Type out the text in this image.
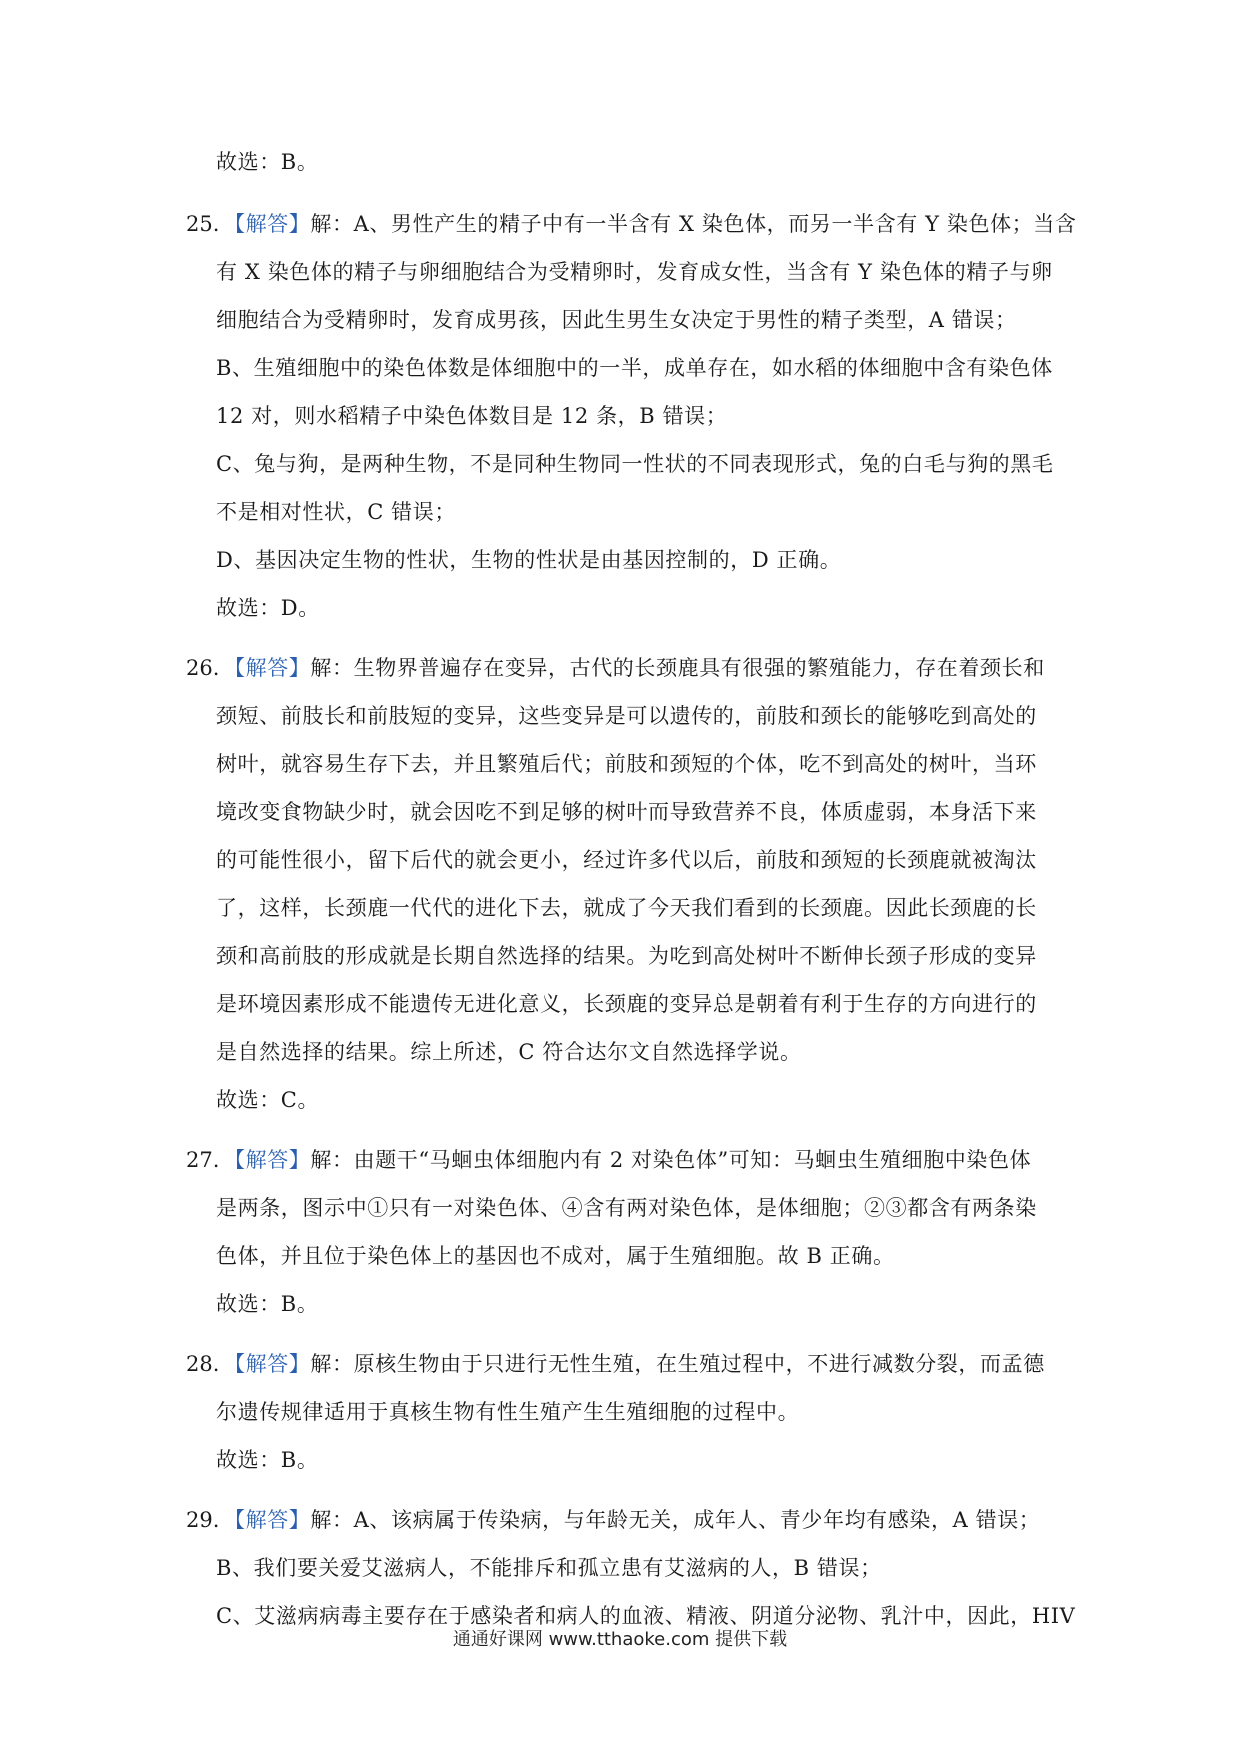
故选：B。
25. 【解答】解：A、男性产生的精子中有一半含有 X 染色体，而另一半含有 Y 染色体；当含
有 X 染色体的精子与卵细胞结合为受精卵时，发育成女性，当含有 Y 染色体的精子与卵
细胞结合为受精卵时，发育成男孩，因此生男生女决定于男性的精子类型，A 错误；
B、生殖细胞中的染色体数是体细胞中的一半，成单存在，如水稻的体细胞中含有染色体
12 对，则水稻精子中染色体数目是 12 条，B 错误；
C、兔与狗，是两种生物，不是同种生物同一性状的不同表现形式，兔的白毛与狗的黑毛
不是相对性状，C 错误；
D、基因决定生物的性状，生物的性状是由基因控制的，D 正确。
故选：D。
26. 【解答】解：生物界普遍存在变异，古代的长颈鹿具有很强的繁殖能力，存在着颈长和
颈短、前肢长和前肢短的变异，这些变异是可以遗传的，前肢和颈长的能够吃到高处的
树叶，就容易生存下去，并且繁殖后代；前肢和颈短的个体，吃不到高处的树叶，当环
境改变食物缺少时，就会因吃不到足够的树叶而导致营养不良，体质虚弱，本身活下来
的可能性很小，留下后代的就会更小，经过许多代以后，前肢和颈短的长颈鹿就被淘汰
了，这样，长颈鹿一代代的进化下去，就成了今天我们看到的长颈鹿。因此长颈鹿的长
颈和高前肢的形成就是长期自然选择的结果。为吃到高处树叶不断伸长颈子形成的变异
是环境因素形成不能遗传无进化意义，长颈鹿的变异总是朝着有利于生存的方向进行的
是自然选择的结果。综上所述，C 符合达尔文自然选择学说。
故选：C。
27. 【解答】解：由题干“马蛔虫体细胞内有 2 对染色体”可知：马蛔虫生殖细胞中染色体
是两条，图示中①只有一对染色体、④含有两对染色体，是体细胞；②③都含有两条染
色体，并且位于染色体上的基因也不成对，属于生殖细胞。故 B 正确。
故选：B。
28. 【解答】解：原核生物由于只进行无性生殖，在生殖过程中，不进行减数分裂，而孟德
尔遗传规律适用于真核生物有性生殖产生生殖细胞的过程中。
故选：B。
29. 【解答】解：A、该病属于传染病，与年龄无关，成年人、青少年均有感染，A 错误；
B、我们要关爱艾滋病人，不能排斥和孤立患有艾滋病的人，B 错误；
C、艾滋病病毒主要存在于感染者和病人的血液、精液、阴道分泌物、乳汁中，因此，HIV
通通好课网 www.tthaoke.com 提供下载
